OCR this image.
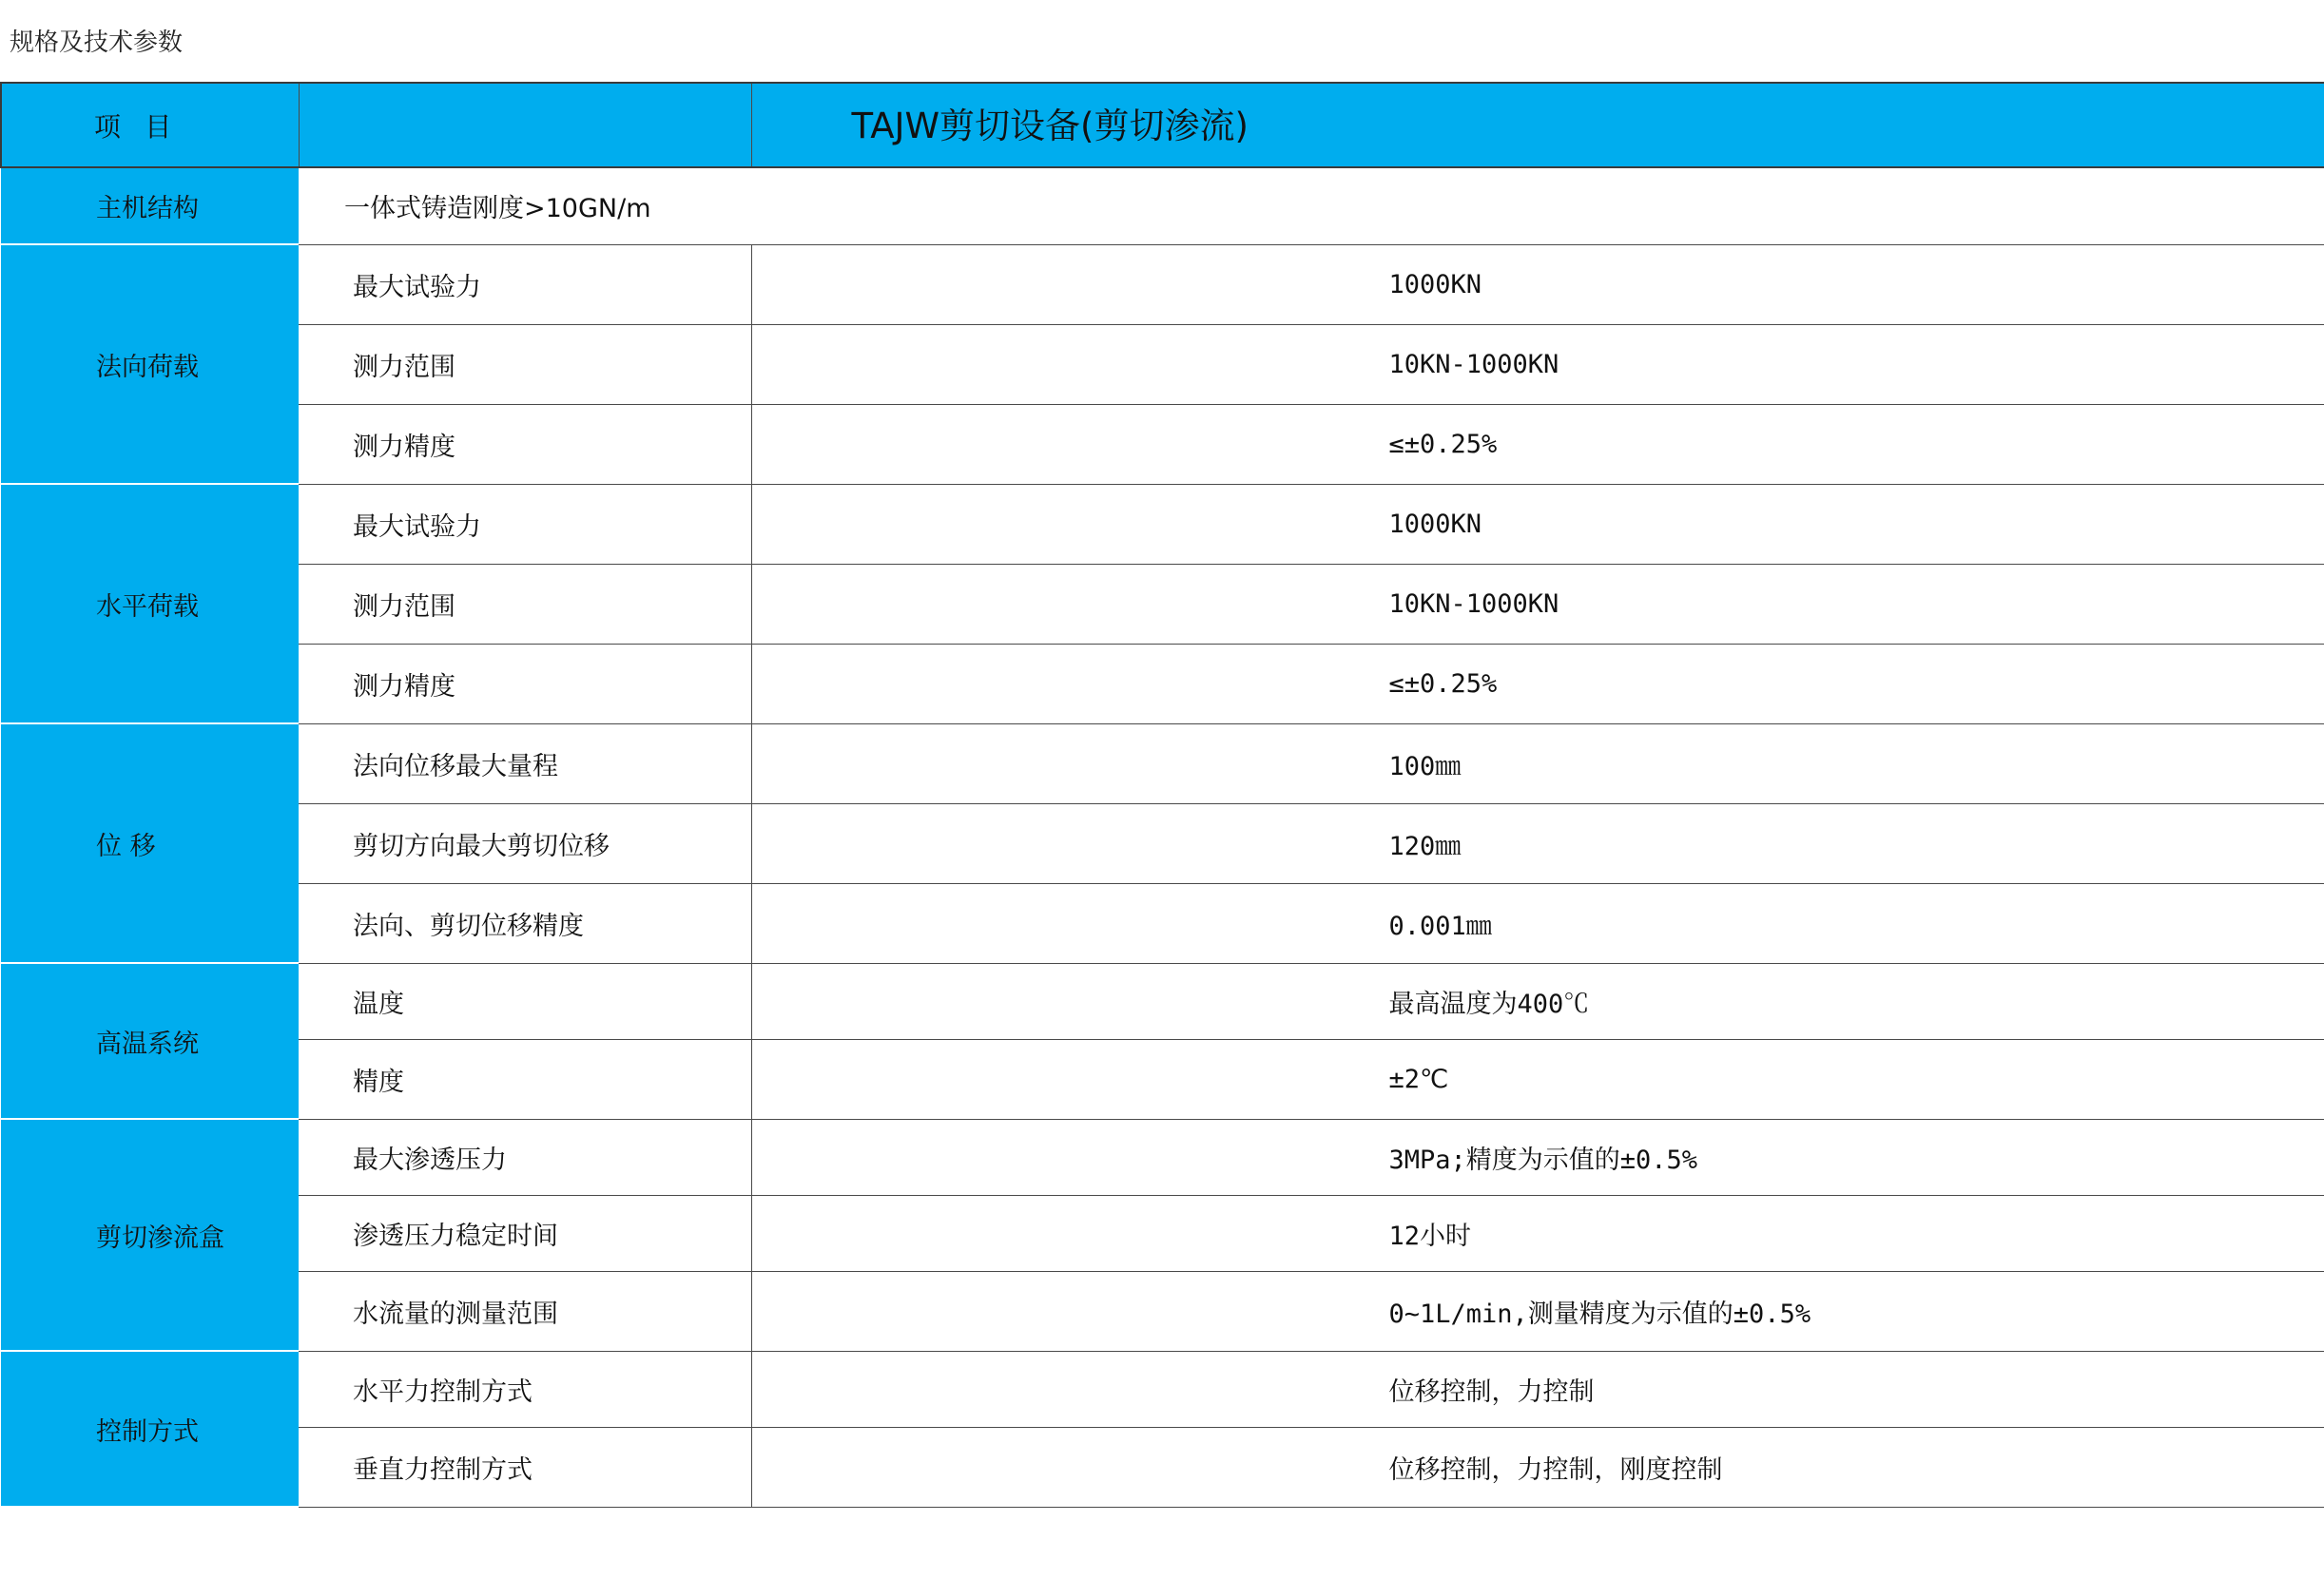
规格及技术参数
项目		TAJW剪切设备(剪切渗流)
主机结构	一体式铸造刚度>10GN/m	
法向荷载	最大试验力	1000KN
	测力范围	10KN-1000KN
	测力精度	≤±0.25%
水平荷载	最大试验力	1000KN
	测力范围	10KN-1000KN
	测力精度	≤±0.25%
位 移	法向位移最大量程	100㎜
	剪切方向最大剪切位移	120㎜
	法向、剪切位移精度	0.001㎜
高温系统	温度	最高温度为400℃
	精度	±2℃
剪切渗流盒	最大渗透压力	3MPa;精度为示值的±0.5%
	渗透压力稳定时间	12小时
	水流量的测量范围	0~1L/min,测量精度为示值的±0.5%
控制方式	水平力控制方式	位移控制，力控制
	垂直力控制方式	位移控制，力控制，刚度控制
